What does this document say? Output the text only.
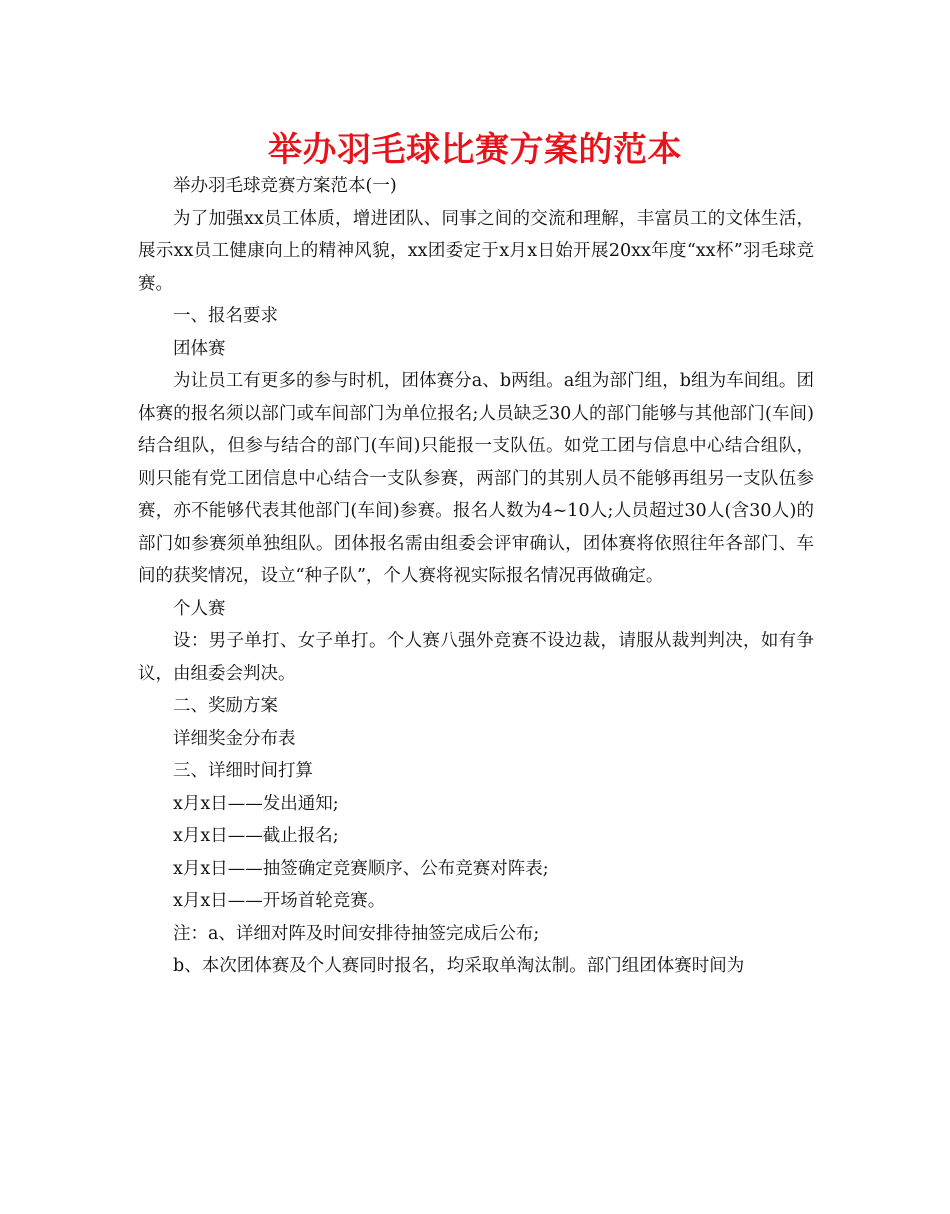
举办羽毛球比赛方案的范本

举办羽毛球竞赛方案范本(一)

为了加强xx员工体质，增进团队、同事之间的交流和理解，丰富员工的文体生活，展示xx员工健康向上的精神风貌，xx团委定于x月x日始开展20xx年度“xx杯”羽毛球竞赛。

一、报名要求

团体赛

为让员工有更多的参与时机，团体赛分a、b两组。a组为部门组，b组为车间组。团体赛的报名须以部门或车间部门为单位报名;人员缺乏30人的部门能够与其他部门(车间)结合组队，但参与结合的部门(车间)只能报一支队伍。如党工团与信息中心结合组队，则只能有党工团信息中心结合一支队参赛，两部门的其别人员不能够再组另一支队伍参赛，亦不能够代表其他部门(车间)参赛。报名人数为4~10人;人员超过30人(含30人)的部门如参赛须单独组队。团体报名需由组委会评审确认，团体赛将依照往年各部门、车间的获奖情况，设立“种子队”，个人赛将视实际报名情况再做确定。

个人赛

设：男子单打、女子单打。个人赛八强外竞赛不设边裁，请服从裁判判决，如有争议，由组委会判决。

二、奖励方案

详细奖金分布表

三、详细时间打算

x月x日——发出通知;

x月x日——截止报名;

x月x日——抽签确定竞赛顺序、公布竞赛对阵表;

x月x日——开场首轮竞赛。

注：a、详细对阵及时间安排待抽签完成后公布;

b、本次团体赛及个人赛同时报名，均采取单淘汰制。部门组团体赛时间为
